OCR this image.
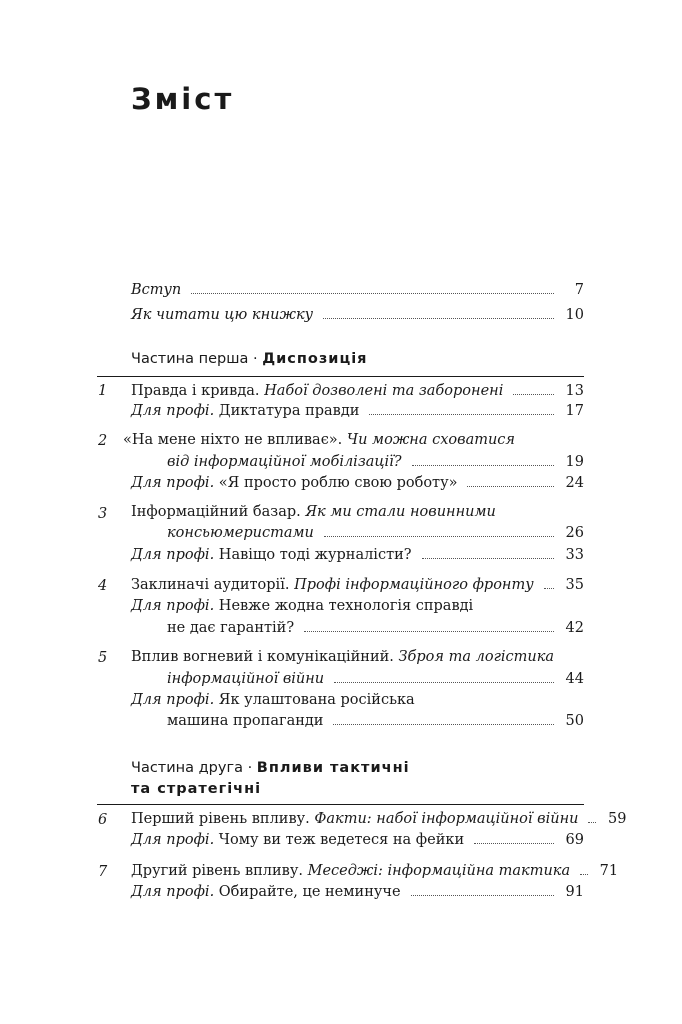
Зміст
Вступ	7
Як читати цю книжку	10
Частина перша · Диспозиція
1 Правда і кривда. Набої дозволені та заборонені	13
Для профі. Диктатура правди	17
2 «На мене ніхто не впливає». Чи можна сховатися
від інформаційної мобілізації?	19
Для профі. «Я просто роблю свою роботу»	24
3 Інформаційний базар. Як ми стали новинними
консьюмеристами	26
Для профі. Навіщо тоді журналісти?	33
4 Заклиначі аудиторії. Профі інформаційного фронту 35
Для профі. Невже жодна технологія справді
не дає гарантій?	42
5 Вплив вогневий і комунікаційний. Зброя та логістика
інформаційної війни	44
Для профі. Як улаштована російська
машина пропаганди	50
Частина друга · Впливи тактичні
та стратегічні
6 Перший рівень впливу. Факти: набої інформаційної війни 59
Для профі. Чому ви теж ведетеся на фейки	69
7 Другий рівень впливу. Меседжі: інформаційна тактика 71
Для профі. Обирайте, це неминуче	91
